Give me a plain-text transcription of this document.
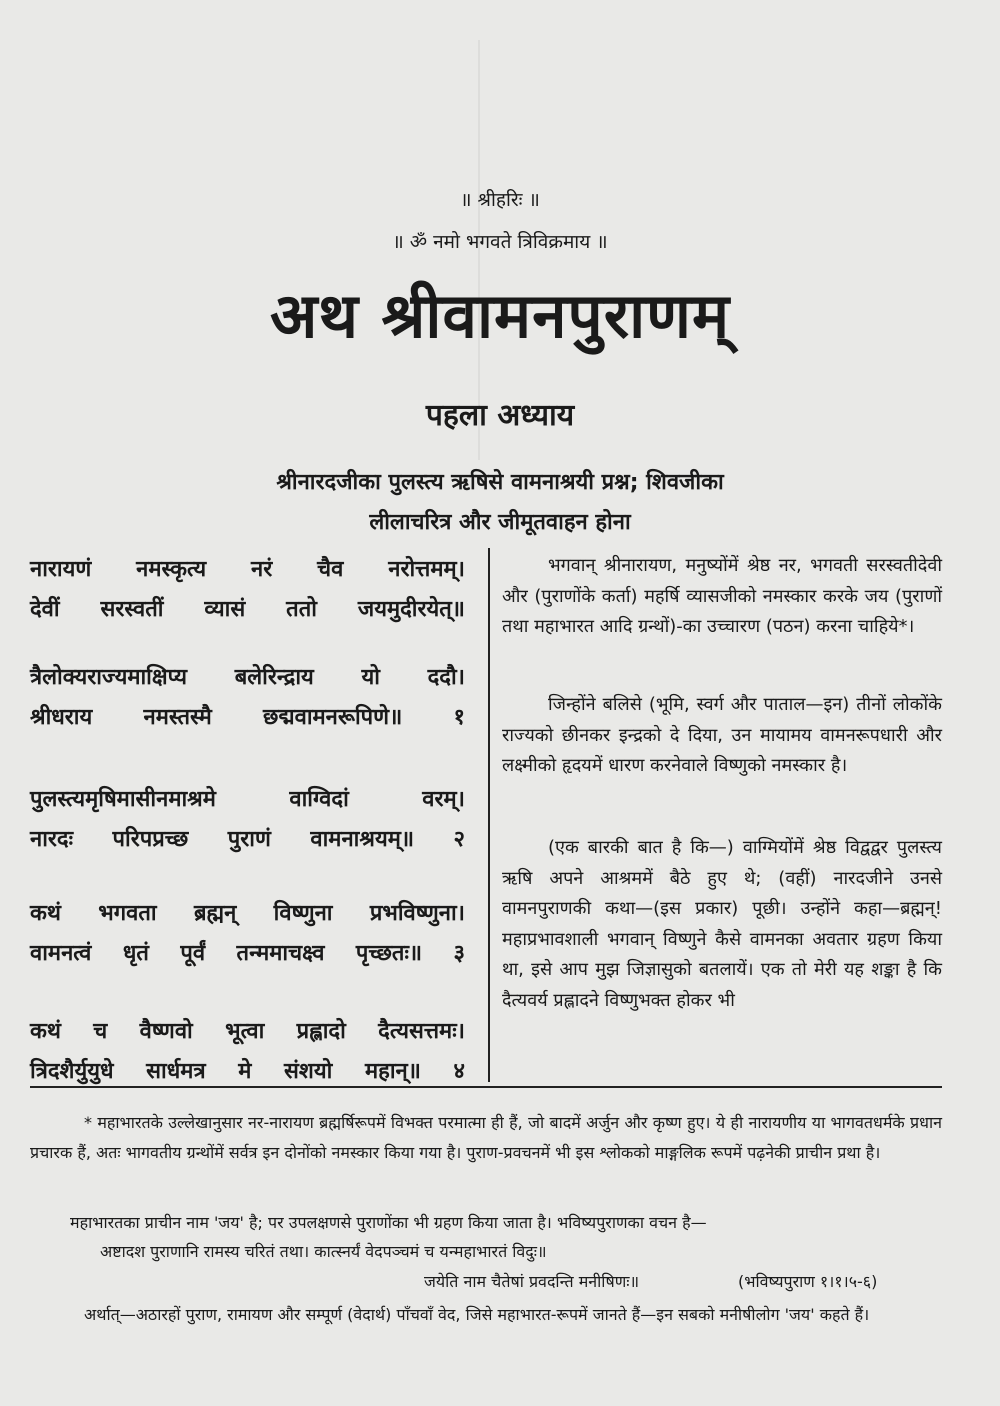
॥ श्रीहरिः ॥
॥ ॐ नमो भगवते त्रिविक्रमाय ॥
अथ श्रीवामनपुराणम्
पहला अध्याय
श्रीनारदजीका पुलस्त्य ऋषिसे वामनाश्रयी प्रश्न; शिवजीका
लीलाचरित्र और जीमूतवाहन होना
नारायणं नमस्कृत्य नरं चैव नरोत्तमम्।
देवीं सरस्वतीं व्यासं ततो जयमुदीरयेत्॥
त्रैलोक्यराज्यमाक्षिप्य बलेरिन्द्राय यो ददौ।
श्रीधराय नमस्तस्मै छद्मवामनरूपिणे॥ १
पुलस्त्यमृषिमासीनमाश्रमे वाग्विदां वरम्।
नारदः परिपप्रच्छ पुराणं वामनाश्रयम्॥ २
कथं भगवता ब्रह्मन् विष्णुना प्रभविष्णुना।
वामनत्वं धृतं पूर्वं तन्ममाचक्ष्व पृच्छतः॥ ३
कथं च वैष्णवो भूत्वा प्रह्लादो दैत्यसत्तमः।
त्रिदशैर्युयुधे सार्धमत्र मे संशयो महान्॥ ४
भगवान् श्रीनारायण, मनुष्योंमें श्रेष्ठ नर, भगवती सरस्वतीदेवी और (पुराणोंके कर्ता) महर्षि व्यासजीको नमस्कार करके जय (पुराणों तथा महाभारत आदि ग्रन्थों)-का उच्चारण (पठन) करना चाहिये*।
जिन्होंने बलिसे (भूमि, स्वर्ग और पाताल—इन) तीनों लोकोंके राज्यको छीनकर इन्द्रको दे दिया, उन मायामय वामनरूपधारी और लक्ष्मीको हृदयमें धारण करनेवाले विष्णुको नमस्कार है।
(एक बारकी बात है कि—) वाग्मियोंमें श्रेष्ठ विद्वद्वर पुलस्त्य ऋषि अपने आश्रममें बैठे हुए थे; (वहीं) नारदजीने उनसे वामनपुराणकी कथा—(इस प्रकार) पूछी। उन्होंने कहा—ब्रह्मन्! महाप्रभावशाली भगवान् विष्णुने कैसे वामनका अवतार ग्रहण किया था, इसे आप मुझ जिज्ञासुको बतलायें। एक तो मेरी यह शङ्का है कि दैत्यवर्य प्रह्लादने विष्णुभक्त होकर भी
* महाभारतके उल्लेखानुसार नर-नारायण ब्रह्मर्षिरूपमें विभक्त परमात्मा ही हैं, जो बादमें अर्जुन और कृष्ण हुए। ये ही नारायणीय या भागवतधर्मके प्रधान प्रचारक हैं, अतः भागवतीय ग्रन्थोंमें सर्वत्र इन दोनोंको नमस्कार किया गया है। पुराण-प्रवचनमें भी इस श्लोकको माङ्गलिक रूपमें पढ़नेकी प्राचीन प्रथा है।
महाभारतका प्राचीन नाम 'जय' है; पर उपलक्षणसे पुराणोंका भी ग्रहण किया जाता है। भविष्यपुराणका वचन है—
अष्टादश पुराणानि रामस्य चरितं तथा। कात्स्नर्यं वेदपञ्चमं च यन्महाभारतं विदुः॥
जयेति नाम चैतेषां प्रवदन्ति मनीषिणः॥	(भविष्यपुराण १।१।५-६)
अर्थात्—अठारहों पुराण, रामायण और सम्पूर्ण (वेदार्थ) पाँचवाँ वेद, जिसे महाभारत-रूपमें जानते हैं—इन सबको मनीषीलोग 'जय' कहते हैं।
